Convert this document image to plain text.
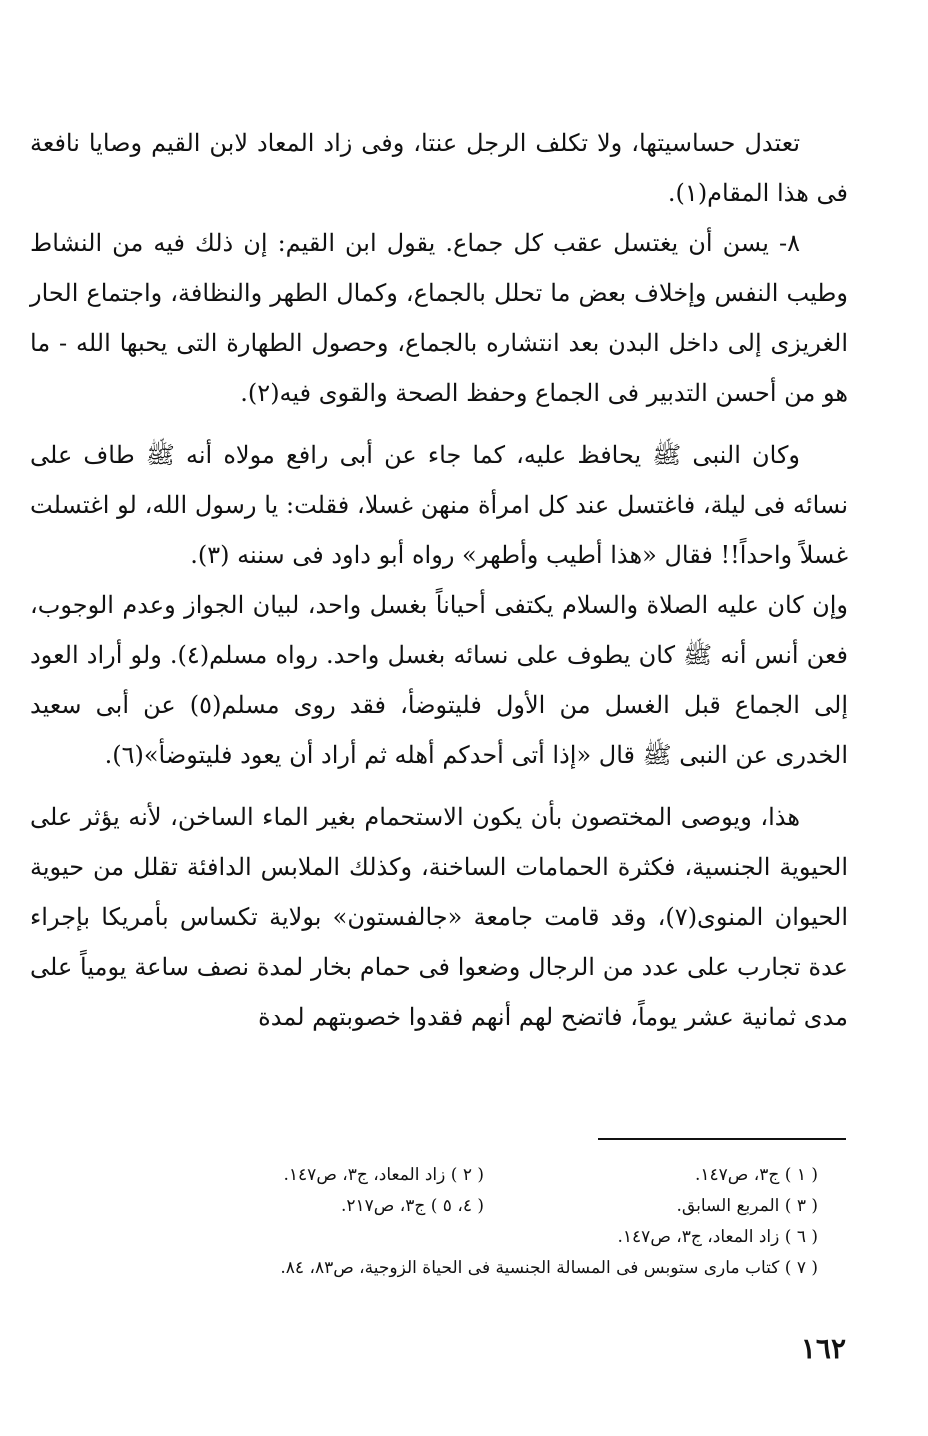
تعتدل حساسيتها، ولا تكلف الرجل عنتا، وفى زاد المعاد لابن القيم وصايا نافعة فى هذا المقام(١).

٨- يسن أن يغتسل عقب كل جماع. يقول ابن القيم: إن ذلك فيه من النشاط وطيب النفس وإخلاف بعض ما تحلل بالجماع، وكمال الطهر والنظافة، واجتماع الحار الغريزى إلى داخل البدن بعد انتشاره بالجماع، وحصول الطهارة التى يحبها الله - ما هو من أحسن التدبير فى الجماع وحفظ الصحة والقوى فيه(٢).

وكان النبى ﷺ يحافظ عليه، كما جاء عن أبى رافع مولاه أنه ﷺ طاف على نسائه فى ليلة، فاغتسل عند كل امرأة منهن غسلا، فقلت: يا رسول الله، لو اغتسلت غسلاً واحداً!! فقال «هذا أطيب وأطهر» رواه أبو داود فى سننه (٣).

وإن كان عليه الصلاة والسلام يكتفى أحياناً بغسل واحد، لبيان الجواز وعدم الوجوب، فعن أنس أنه ﷺ كان يطوف على نسائه بغسل واحد. رواه مسلم(٤). ولو أراد العود إلى الجماع قبل الغسل من الأول فليتوضأ، فقد روى مسلم(٥) عن أبى سعيد الخدرى عن النبى ﷺ قال «إذا أتى أحدكم أهله ثم أراد أن يعود فليتوضأ»(٦).

هذا، ويوصى المختصون بأن يكون الاستحمام بغير الماء الساخن، لأنه يؤثر على الحيوية الجنسية، فكثرة الحمامات الساخنة، وكذلك الملابس الدافئة تقلل من حيوية الحيوان المنوى(٧)، وقد قامت جامعة «جالفستون» بولاية تكساس بأمريكا بإجراء عدة تجارب على عدد من الرجال وضعوا فى حمام بخار لمدة نصف ساعة يومياً على مدى ثمانية عشر يوماً، فاتضح لهم أنهم فقدوا خصوبتهم لمدة

( ١ ) ج٣، ص١٤٧.
( ٢ ) زاد المعاد، ج٣، ص١٤٧.
( ٣ ) المربع السابق.
( ٤، ٥ ) ج٣، ص٢١٧.
( ٦ ) زاد المعاد، ج٣، ص١٤٧.
( ٧ ) كتاب مارى ستوبس فى المسالة الجنسية فى الحياة الزوجية، ص٨٣، ٨٤.
١٦٢
